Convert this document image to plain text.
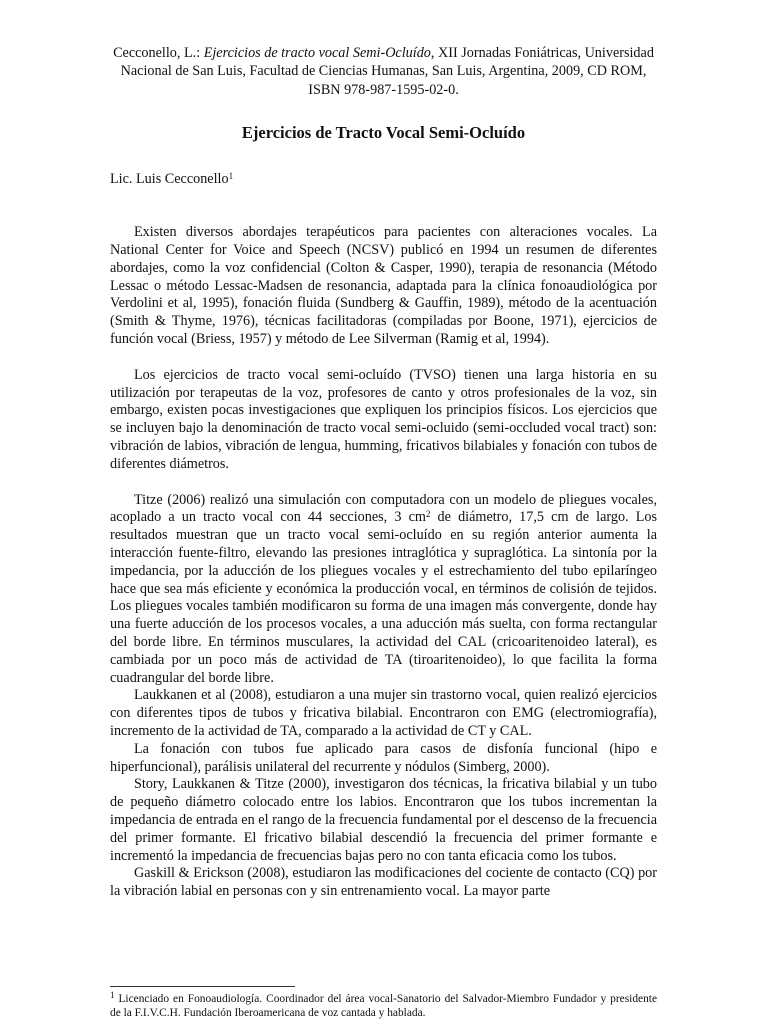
Cecconello, L.: Ejercicios de tracto vocal Semi-Ocluído, XII Jornadas Foniátricas, Universidad Nacional de San Luis, Facultad de Ciencias Humanas, San Luis, Argentina, 2009, CD ROM, ISBN 978-987-1595-02-0.
Ejercicios de Tracto Vocal Semi-Ocluído
Lic. Luis Cecconello$^1$

Existen diversos abordajes terapéuticos para pacientes con alteraciones vocales. La National Center for Voice and Speech (NCSV) publicó en 1994 un resumen de diferentes abordajes, como la voz confidencial (Colton & Casper, 1990), terapia de resonancia (Método Lessac o método Lessac-Madsen de resonancia, adaptada para la clínica fonoaudiológica por Verdolini et al, 1995), fonación fluida (Sundberg & Gauffin, 1989), método de la acentuación (Smith & Thyme, 1976), técnicas facilitadoras (compiladas por Boone, 1971), ejercicios de función vocal (Briess, 1957) y método de Lee Silverman (Ramig et al, 1994).

Los ejercicios de tracto vocal semi-ocluído (TVSO) tienen una larga historia en su utilización por terapeutas de la voz, profesores de canto y otros profesionales de la voz, sin embargo, existen pocas investigaciones que expliquen los principios físicos. Los ejercicios que se incluyen bajo la denominación de tracto vocal semi-ocluido (semi-occluded vocal tract) son: vibración de labios, vibración de lengua, humming, fricativos bilabiales y fonación con tubos de diferentes diámetros.

Titze (2006) realizó una simulación con computadora con un modelo de pliegues vocales, acoplado a un tracto vocal con 44 secciones, 3 $cm^2$ de diámetro, 17,5 cm de largo. Los resultados muestran que un tracto vocal semi-ocluído en su región anterior aumenta la interacción fuente-filtro, elevando las presiones intraglótica y supraglótica. La sintonía por la impedancia, por la aducción de los pliegues vocales y el estrechamiento del tubo epilaríngeo hace que sea más eficiente y económica la producción vocal, en términos de colisión de tejidos. Los pliegues vocales también modificaron su forma de una imagen más convergente, donde hay una fuerte aducción de los procesos vocales, a una aducción más suelta, con forma rectangular del borde libre. En términos musculares, la actividad del CAL (cricoaritenoideo lateral), es cambiada por un poco más de actividad de TA (tiroaritenoideo), lo que facilita la forma cuadrangular del borde libre.

Laukkanen et al (2008), estudiaron a una mujer sin trastorno vocal, quien realizó ejercicios con diferentes tipos de tubos y fricativa bilabial. Encontraron con EMG (electromiografía), incremento de la actividad de TA, comparado a la actividad de CT y CAL.

La fonación con tubos fue aplicado para casos de disfonía funcional (hipo e hiperfuncional), parálisis unilateral del recurrente y nódulos (Simberg, 2000).

Story, Laukkanen & Titze (2000), investigaron dos técnicas, la fricativa bilabial y un tubo de pequeño diámetro colocado entre los labios. Encontraron que los tubos incrementan la impedancia de entrada en el rango de la frecuencia fundamental por el descenso de la frecuencia del primer formante. El fricativo bilabial descendió la frecuencia del primer formante e incrementó la impedancia de frecuencias bajas pero no con tanta eficacia como los tubos.

Gaskill & Erickson (2008), estudiaron las modificaciones del cociente de contacto (CQ) por la vibración labial en personas con y sin entrenamiento vocal. La mayor parte

$^1$ Licenciado en Fonoaudiología. Coordinador del área vocal-Sanatorio del Salvador-Miembro Fundador y presidente de la F.I.V.C.H. Fundación Iberoamericana de voz cantada y hablada.
